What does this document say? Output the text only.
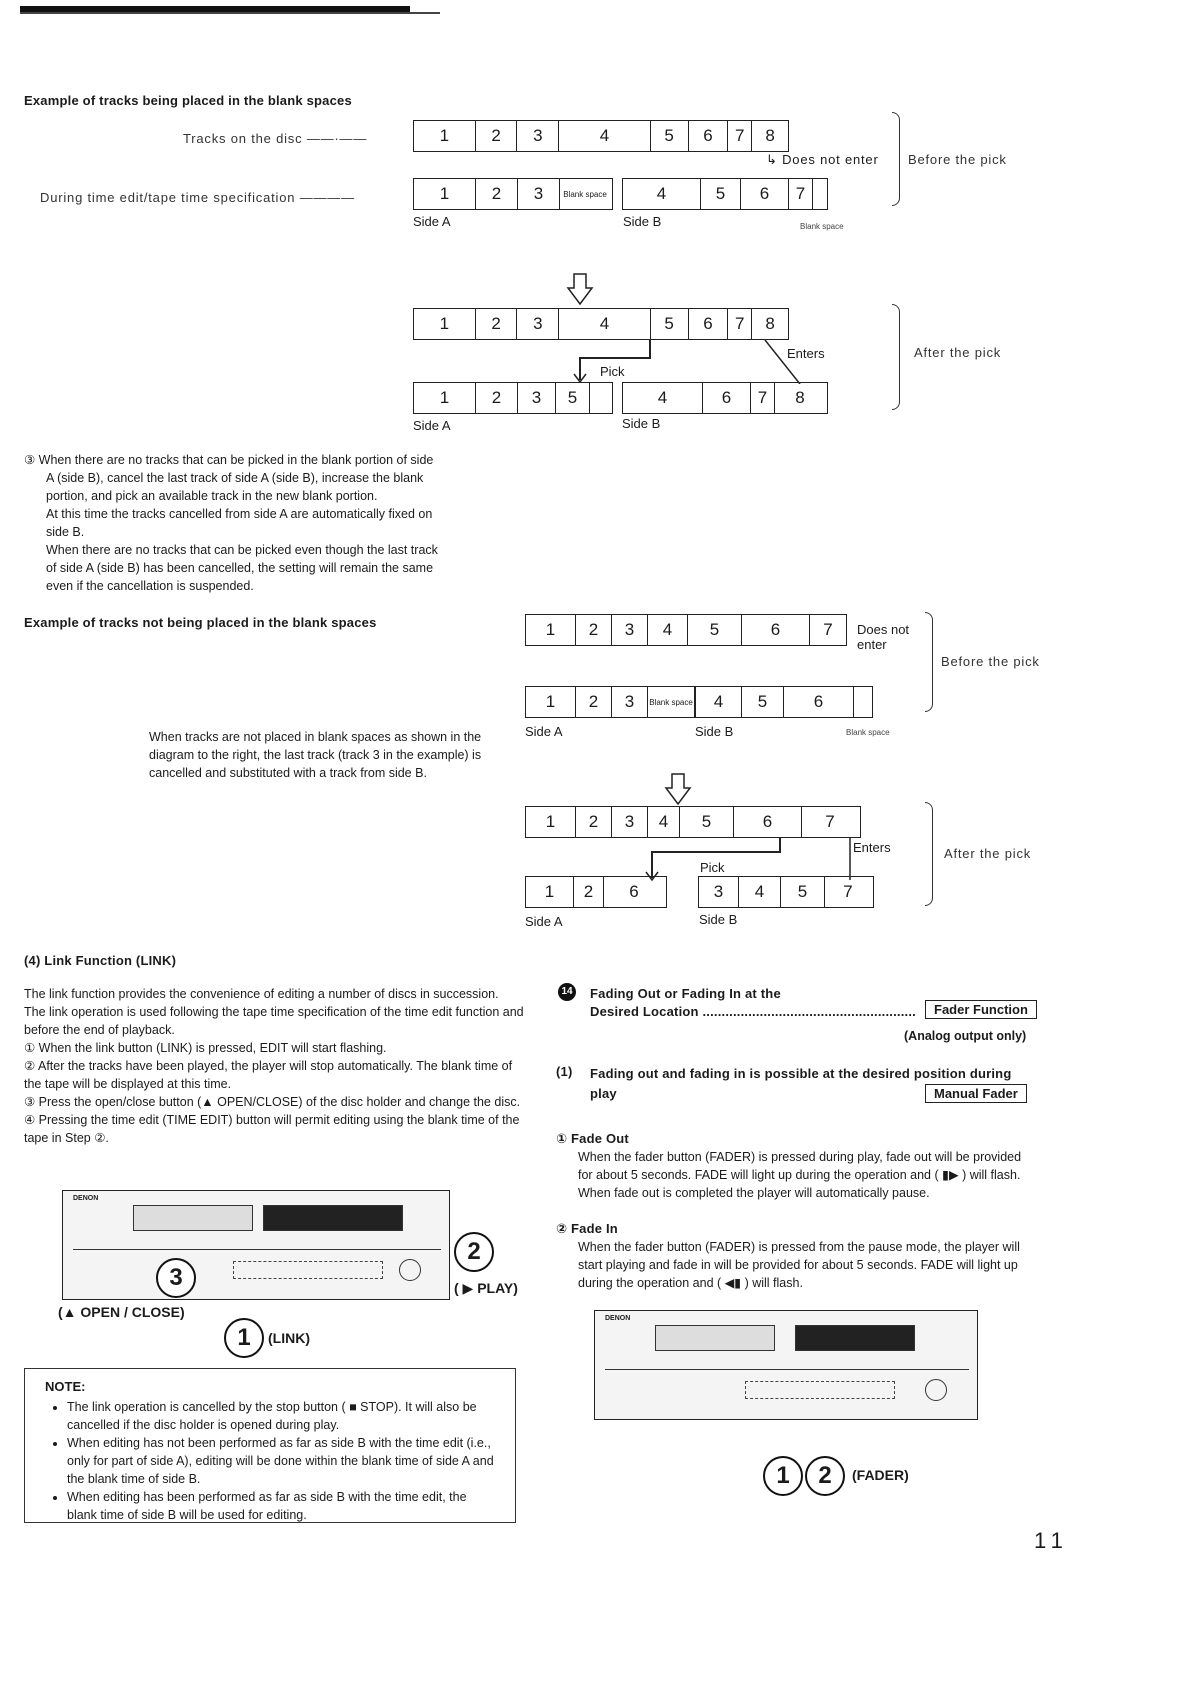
Example of tracks being placed in the blank spaces
Tracks on the disc ——·——
During time edit/tape time specification ————
1	2	3	4	5	6	7	8
↳ Does not enter
1	2	3	Blank space	4	5	6	7
Side A	Side B	Blank space
Before the pick
1	2	3	4	5	6	7	8
Enters
Pick
1	2	3	5	4	6	7	8
Side A	Side B
After the pick
③ When there are no tracks that can be picked in the blank portion of side
A (side B), cancel the last track of side A (side B), increase the blank
portion, and pick an available track in the new blank portion.
At this time the tracks cancelled from side A are automatically fixed on
side B.
When there are no tracks that can be picked even though the last track
of side A (side B) has been cancelled, the setting will remain the same
even if the cancellation is suspended.
Example of tracks not being placed in the blank spaces
When tracks are not placed in blank spaces as shown in the diagram to the right, the last track (track 3 in the example) is cancelled and substituted with a track from side B.
1	2	3	4	5	6	7	Does not enter
1	2	3	Blank space	4	5	6
Side A	Side B	Blank space
Before the pick
1	2	3	4	5	6	7
Enters
Pick
1	2	6	3	4	5	7
Side A	Side B
After the pick
(4) Link Function (LINK)
The link function provides the convenience of editing a number of discs in succession.
The link operation is used following the tape time specification of the time edit function and before the end of playback.
① When the link button (LINK) is pressed, EDIT will start flashing.
② After the tracks have been played, the player will stop automatically. The blank time of the tape will be displayed at this time.
③ Press the open/close button (▲ OPEN/CLOSE) of the disc holder and change the disc.
④ Pressing the time edit (TIME EDIT) button will permit editing using the blank time of the tape in Step ②.
DENON
3
2
1
(▲ OPEN / CLOSE)
( ▶ PLAY)
(LINK)
NOTE:
• The link operation is cancelled by the stop button ( ■ STOP). It will also be cancelled if the disc holder is opened during play.
• When editing has not been performed as far as side B with the time edit (i.e., only for part of side A), editing will be done within the blank time of side A and the blank time of side B.
• When editing has been performed as far as side B with the time edit, the blank time of side B will be used for editing.
14 Fading Out or Fading In at the
Desired Location ........................................................	Fader Function
(Analog output only)
(1) Fading out and fading in is possible at the desired position during play	Manual Fader
① Fade Out
When the fader button (FADER) is pressed during play, fade out will be provided for about 5 seconds. FADE will light up during the operation and ( ▮▶ ) will flash. When fade out is completed the player will automatically pause.
② Fade In
When the fader button (FADER) is pressed from the pause mode, the player will start playing and fade in will be provided for about 5 seconds. FADE will light up during the operation and ( ◀▮ ) will flash.
DENON
1	2	(FADER)
11
